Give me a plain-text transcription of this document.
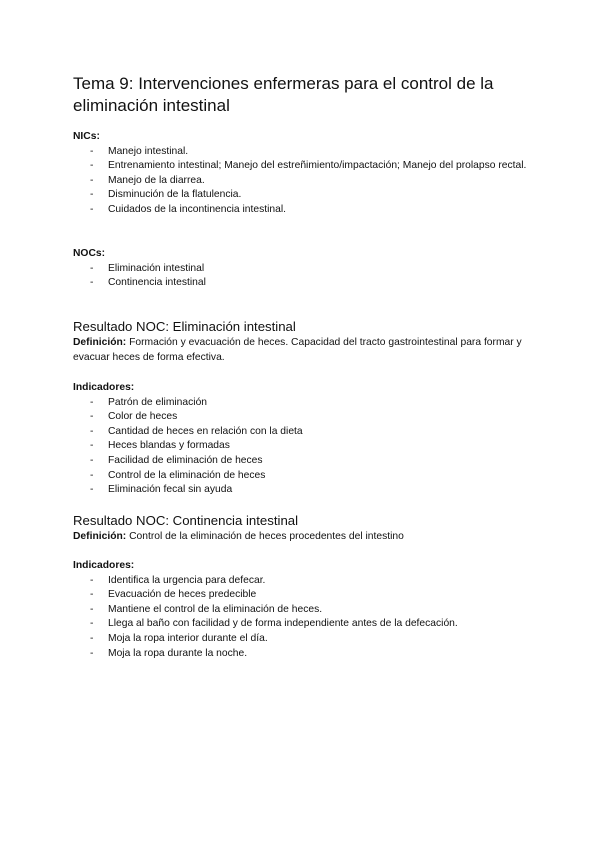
Tema 9: Intervenciones enfermeras para el control de la eliminación intestinal
NICs:
- Manejo intestinal.
- Entrenamiento intestinal; Manejo del estreñimiento/impactación; Manejo del prolapso rectal.
- Manejo de la diarrea.
- Disminución de la flatulencia.
- Cuidados de la incontinencia intestinal.
NOCs:
- Eliminación intestinal
- Continencia intestinal
Resultado NOC: Eliminación intestinal

Definición: Formación y evacuación de heces. Capacidad del tracto gastrointestinal para formar y evacuar heces de forma efectiva.

Indicadores:
- Patrón de eliminación
- Color de heces
- Cantidad de heces en relación con la dieta
- Heces blandas y formadas
- Facilidad de eliminación de heces
- Control de la eliminación de heces
- Eliminación fecal sin ayuda
Resultado NOC: Continencia intestinal

Definición: Control de la eliminación de heces procedentes del intestino

Indicadores:
- Identifica la urgencia para defecar.
- Evacuación de heces predecible
- Mantiene el control de la eliminación de heces.
- Llega al baño con facilidad y de forma independiente antes de la defecación.
- Moja la ropa interior durante el día.
- Moja la ropa durante la noche.
